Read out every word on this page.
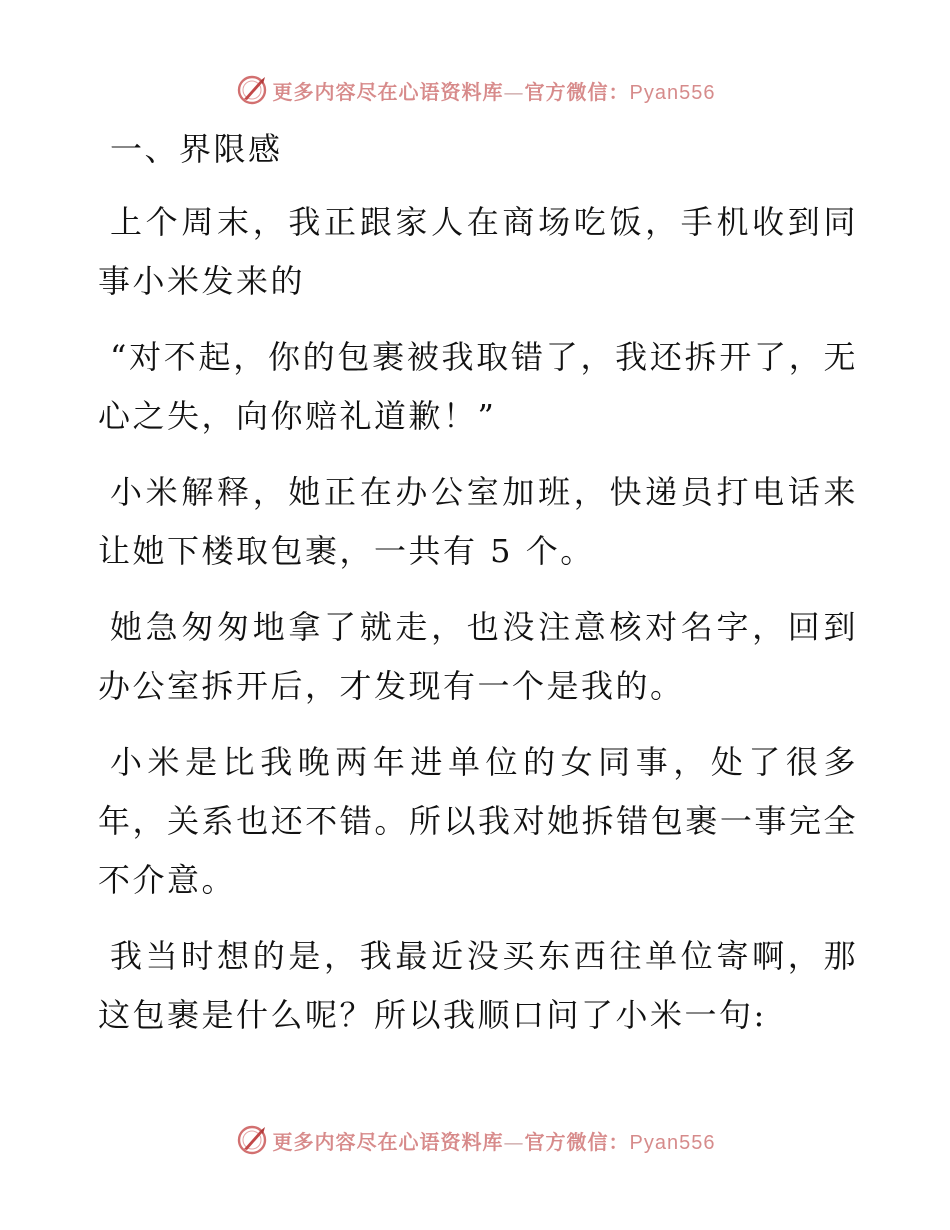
更多内容尽在心语资料库—官方微信：Pyan556
一、界限感

上个周末，我正跟家人在商场吃饭，手机收到同事小米发来的

“对不起，你的包裹被我取错了，我还拆开了，无心之失，向你赔礼道歉！”

小米解释，她正在办公室加班，快递员打电话来让她下楼取包裹，一共有 5 个。

她急匆匆地拿了就走，也没注意核对名字，回到办公室拆开后，才发现有一个是我的。

小米是比我晚两年进单位的女同事，处了很多年，关系也还不错。所以我对她拆错包裹一事完全不介意。

我当时想的是，我最近没买东西往单位寄啊，那这包裹是什么呢？所以我顺口问了小米一句:

更多内容尽在心语资料库—官方微信：Pyan556
